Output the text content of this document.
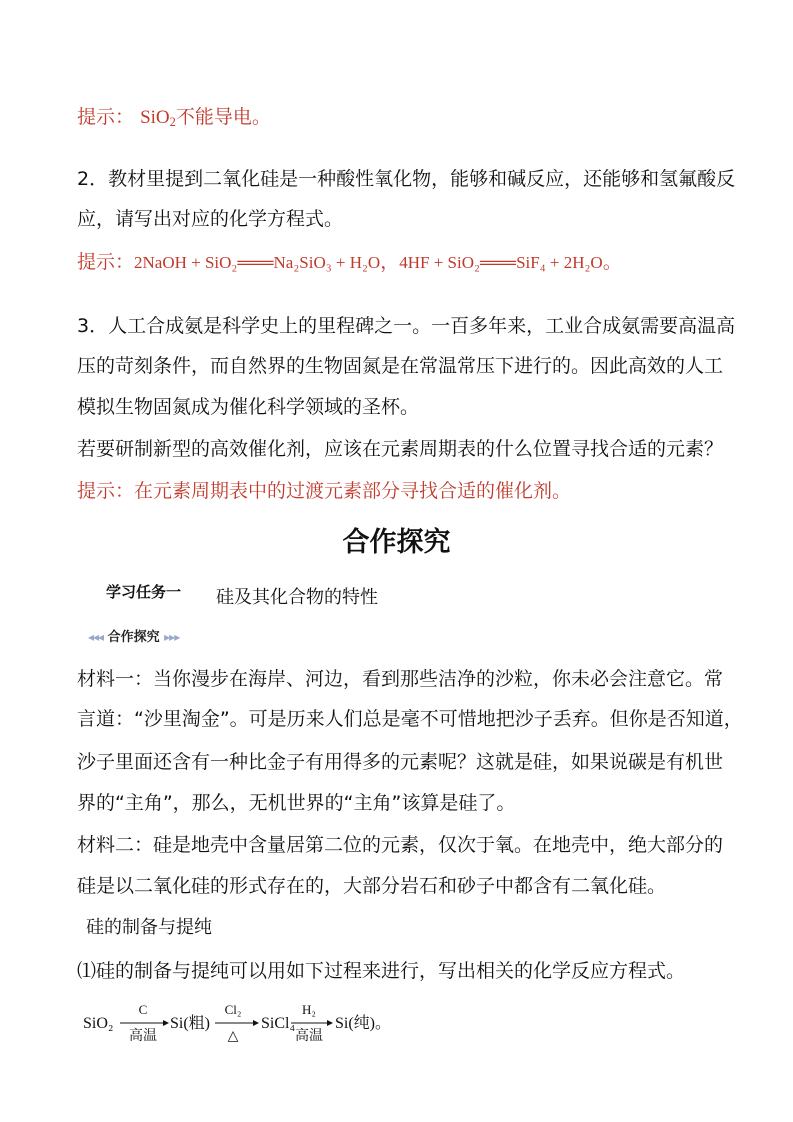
提示： SiO$_2$不能导电。
2．教材里提到二氧化硅是一种酸性氧化物，能够和碱反应，还能够和氢氟酸反
应，请写出对应的化学方程式。
提示：2NaOH + SiO₂═══Na₂SiO₃ + H₂O，4HF + SiO₂═══SiF₄ + 2H₂O。
3．人工合成氨是科学史上的里程碑之一。一百多年来，工业合成氨需要高温高
压的苛刻条件，而自然界的生物固氮是在常温常压下进行的。因此高效的人工
模拟生物固氮成为催化科学领域的圣杯。
若要研制新型的高效催化剂，应该在元素周期表的什么位置寻找合适的元素？
提示：在元素周期表中的过渡元素部分寻找合适的催化剂。
合作探究
学习任务一 硅及其化合物的特性
◂◂◂ 合作探究 ▸▸▸
材料一：当你漫步在海岸、河边，看到那些洁净的沙粒，你未必会注意它。常
言道：“沙里淘金”。可是历来人们总是毫不可惜地把沙子丢弃。但你是否知道，
沙子里面还含有一种比金子有用得多的元素呢？这就是硅，如果说碳是有机世
界的“主角”，那么，无机世界的“主角”该算是硅了。
材料二：硅是地壳中含量居第二位的元素，仅次于氧。在地壳中，绝大部分的
硅是以二氧化硅的形式存在的，大部分岩石和砂子中都含有二氧化硅。
硅的制备与提纯
⑴硅的制备与提纯可以用如下过程来进行，写出相关的化学反应方程式。
SiO₂
C
高温
Si(粗)
Cl₂
△
SiCl₄
H₂
高温
Si(纯)。
